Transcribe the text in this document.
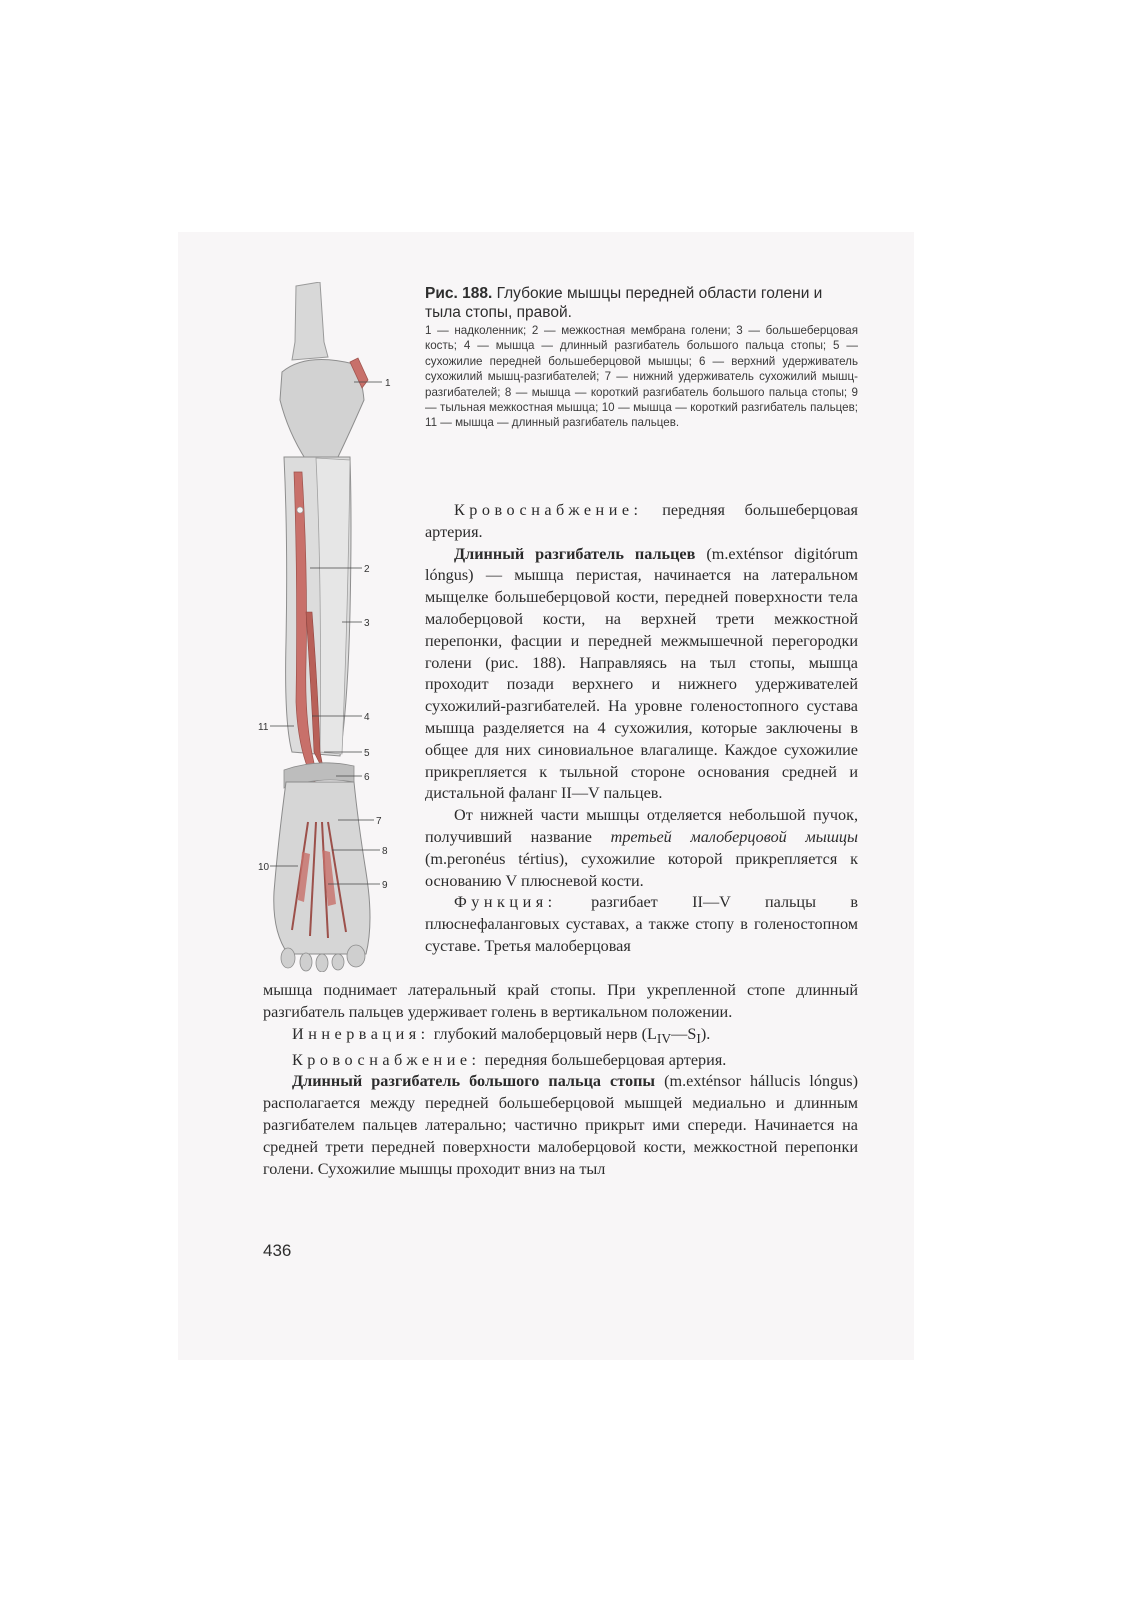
1
2
3
4
5
6
7
8
9
10
11

Рис. 188. Глубокие мышцы передней области голени и тыла стопы, правой.

1 — надколенник; 2 — межкостная мембрана голени; 3 — большеберцовая кость; 4 — мышца — длинный разгибатель большого пальца стопы; 5 — сухожилие передней большеберцовой мышцы; 6 — верхний удерживатель сухожилий мышц-разгибателей; 7 — нижний удерживатель сухожилий мышц-разгибателей; 8 — мышца — короткий разгибатель большого пальца стопы; 9 — тыльная межкостная мышца; 10 — мышца — короткий разгибатель пальцев; 11 — мышца — длинный разгибатель пальцев.

Кровоснабжение: передняя большеберцовая артерия.

Длинный разгибатель пальцев (m.exténsor digitórum lóngus) — мышца перистая, начинается на латеральном мыщелке большеберцовой кости, передней поверхности тела малоберцовой кости, на верхней трети межкостной перепонки, фасции и передней межмышечной перегородки голени (рис. 188). Направляясь на тыл стопы, мышца проходит позади верхнего и нижнего удерживателей сухожилий-разгибателей. На уровне голеностопного сустава мышца разделяется на 4 сухожилия, которые заключены в общее для них синовиальное влагалище. Каждое сухожилие прикрепляется к тыльной стороне основания средней и дистальной фаланг II—V пальцев.

От нижней части мышцы отделяется небольшой пучок, получивший название третьей малоберцовой мышцы (m.peronéus tértius), сухожилие которой прикрепляется к основанию V плюсневой кости.

Функция: разгибает II—V пальцы в плюснефаланговых суставах, а также стопу в голеностопном суставе. Третья малоберцовая

мышца поднимает латеральный край стопы. При укрепленной стопе длинный разгибатель пальцев удерживает голень в вертикальном положении.

Иннервация: глубокий малоберцовый нерв $(L_{IV}—S_I)$.

Кровоснабжение: передняя большеберцовая артерия.

Длинный разгибатель большого пальца стопы (m.exténsor hállucis lóngus) располагается между передней большеберцовой мышцей медиально и длинным разгибателем пальцев латерально; частично прикрыт ими спереди. Начинается на средней трети передней поверхности малоберцовой кости, межкостной перепонки голени. Сухожилие мышцы проходит вниз на тыл

436
